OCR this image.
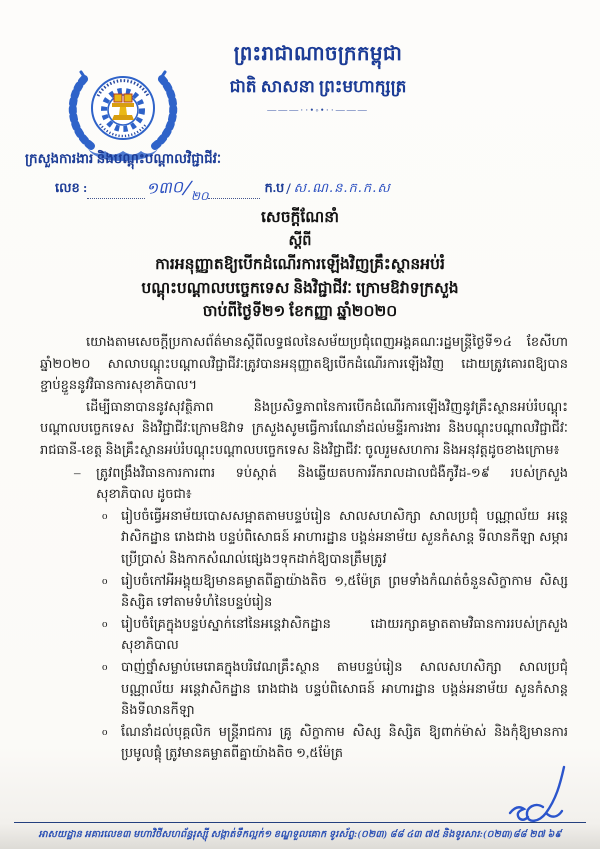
ព្រះរាជាណាចក្រកម្ពុជា
ជាតិ សាសនា ព្រះមហាក្សត្រ
———··•◦•··———
ក្រសួងការងារ និងបណ្តុះបណ្តាលវិជ្ជាជីវៈ
លេខ :	១៣០ /
២០
ក.ប / ស.ណ.ន.ក.ក.ស
សេចក្តីណែនាំ
ស្តីពី
ការអនុញ្ញាតឱ្យបើកដំណើរការឡើងវិញគ្រឹះស្ថានអប់រំ
បណ្តុះបណ្តាលបច្ចេកទេស និងវិជ្ជាជីវៈ ក្រោមឱវាទក្រសួង
ចាប់ពីថ្ងៃទី២១ ខែកញ្ញា ឆ្នាំ២០២០

យោងតាមសេចក្តីប្រកាសព័ត៌មានស្តីពីលទ្ធផលនៃសម័យប្រជុំពេញអង្គគណៈរដ្ឋមន្ត្រីថ្ងៃទី១៤ ខែសីហា ឆ្នាំ២០២០ សាលាបណ្តុះបណ្តាលវិជ្ជាជីវៈត្រូវបានអនុញ្ញាតឱ្យបើកដំណើរការឡើងវិញ ដោយត្រូវគោរពឱ្យបានខ្ជាប់ខ្ជួននូវវិធានការសុខាភិបាល។

ដើម្បីធានាបាននូវសុវត្ថិភាព និងប្រសិទ្ធភាពនៃការបើកដំណើរការឡើងវិញនូវគ្រឹះស្ថានអប់រំបណ្តុះបណ្តាលបច្ចេកទេស និងវិជ្ជាជីវៈក្រោមឱវាទ ក្រសួងសូមធ្វើការណែនាំដល់មន្ទីរការងារ និងបណ្តុះបណ្តាលវិជ្ជាជីវៈរាជធានី-ខេត្ត និងគ្រឹះស្ថានអប់រំបណ្តុះបណ្តាលបច្ចេកទេស និងវិជ្ជាជីវៈ ចូលរួមសហការ និងអនុវត្តដូចខាងក្រោម៖

–	ត្រូវពង្រឹងវិធានការការពារ ទប់ស្កាត់ និងឆ្លើយតបការរីករាលដាលជំងឺកូវីដ-១៩ របស់ក្រសួងសុខាភិបាល ដូចជា៖
o	រៀបចំធ្វើអនាម័យបោសសម្អាតតាមបន្ទប់រៀន សាលសហសិក្សា សាលប្រជុំ បណ្ណាល័យ អន្តេវាសិកដ្ឋាន រោងជាង បន្ទប់ពិសោធន៍ អាហារដ្ឋាន បង្គន់អនាម័យ សួនកំសាន្ត ទីលានកីឡា សម្ភារប្រើប្រាស់ និងកាកសំណល់ផ្សេងៗទុកដាក់ឱ្យបានត្រឹមត្រូវ
o	រៀបចំកៅអីអង្គុយឱ្យមានគម្លាតពីគ្នាយ៉ាងតិច ១,៥ម៉ែត្រ ព្រមទាំងកំណត់ចំនួនសិក្ខាកាម សិស្ស និស្សិត ទៅតាមទំហំនៃបន្ទប់រៀន
o	រៀបចំគ្រែក្នុងបន្ទប់ស្នាក់នៅនៃអន្តេវាសិកដ្ឋាន ដោយរក្សាគម្លាតតាមវិធានការរបស់ក្រសួងសុខាភិបាល
o	បាញ់ថ្នាំសម្លាប់មេរោគក្នុងបរិវេណគ្រឹះស្ថាន តាមបន្ទប់រៀន សាលសហសិក្សា សាលប្រជុំ បណ្ណាល័យ អន្តេវាសិកដ្ឋាន រោងជាង បន្ទប់ពិសោធន៍ អាហារដ្ឋាន បង្គន់អនាម័យ សួនកំសាន្ត និងទីលានកីឡា
o	ណែនាំដល់បុគ្គលិក មន្ត្រីរាជការ គ្រូ សិក្ខាកាម សិស្ស និស្សិត ឱ្យពាក់ម៉ាស់ និងកុំឱ្យមានការប្រមូលផ្តុំ ត្រូវមានគម្លាតពីគ្នាយ៉ាងតិច ១,៥ម៉ែត្រ
អាសយដ្ឋាន អគារលេខ៣ មហាវិថីសហព័ន្ធរុស្ស៊ី សង្កាត់ទឹកល្អក់១ ខណ្ឌទួលគោក ទូរស័ព្ទ:(០២៣) ៨៨ ៤៣ ៧៥ និងទូរសារ:(០២៣)៨៨ ២៧ ៦៩
